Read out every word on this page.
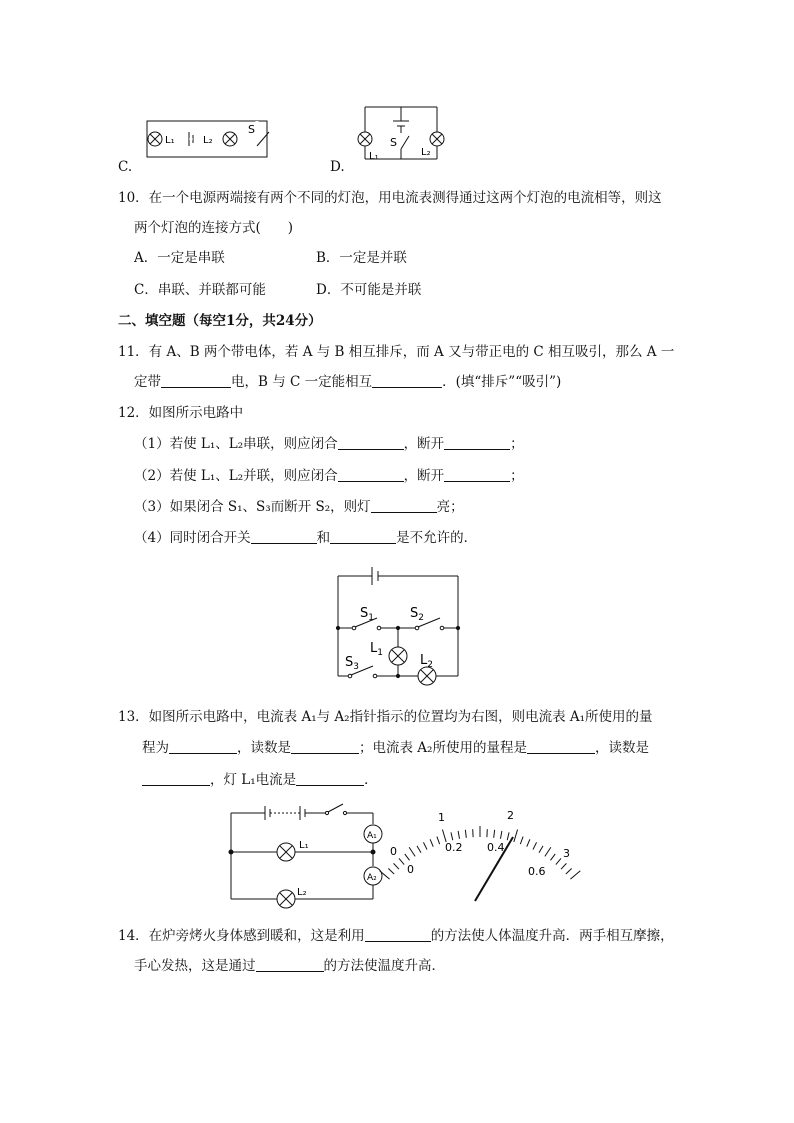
C.
L₁	L₂
S
D.
S
L₁	L₂
10．在一个电源两端接有两个不同的灯泡，用电流表测得通过这两个灯泡的电流相等，则这
两个灯泡的连接方式(　　)
A．一定是串联	B．一定是并联
C．串联、并联都可能	D．不可能是并联
二、填空题（每空1分，共24分）
11．有 A、B 两个带电体，若 A 与 B 相互排斥，而 A 又与带正电的 C 相互吸引，那么 A 一
定带	电，B 与 C 一定能相互	．(填“排斥”“吸引”)
12．如图所示电路中
（1）若使 L₁、L₂串联，则应闭合	，断开	；
（2）若使 L₁、L₂并联，则应闭合	，断开	；
（3）如果闭合 S₁、S₃而断开 S₂，则灯	亮；
（4）同时闭合开关	和	是不允许的．
$S_1$	$S_2$
$L_1$
$S_3$	$L_2$
13．如图所示电路中，电流表 A₁与 A₂指针指示的位置均为右图，则电流表 A₁所使用的量
程为	，读数是	；电流表 A₂所使用的量程是	，读数是
，灯 L₁电流是	．
A₁
A₂
L₁
L₂
0
1	2
3
0
0.2 0.4
0.6
14．在炉旁烤火身体感到暖和，这是利用	的方法使人体温度升高．两手相互摩擦，
手心发热，这是通过	的方法使温度升高．
